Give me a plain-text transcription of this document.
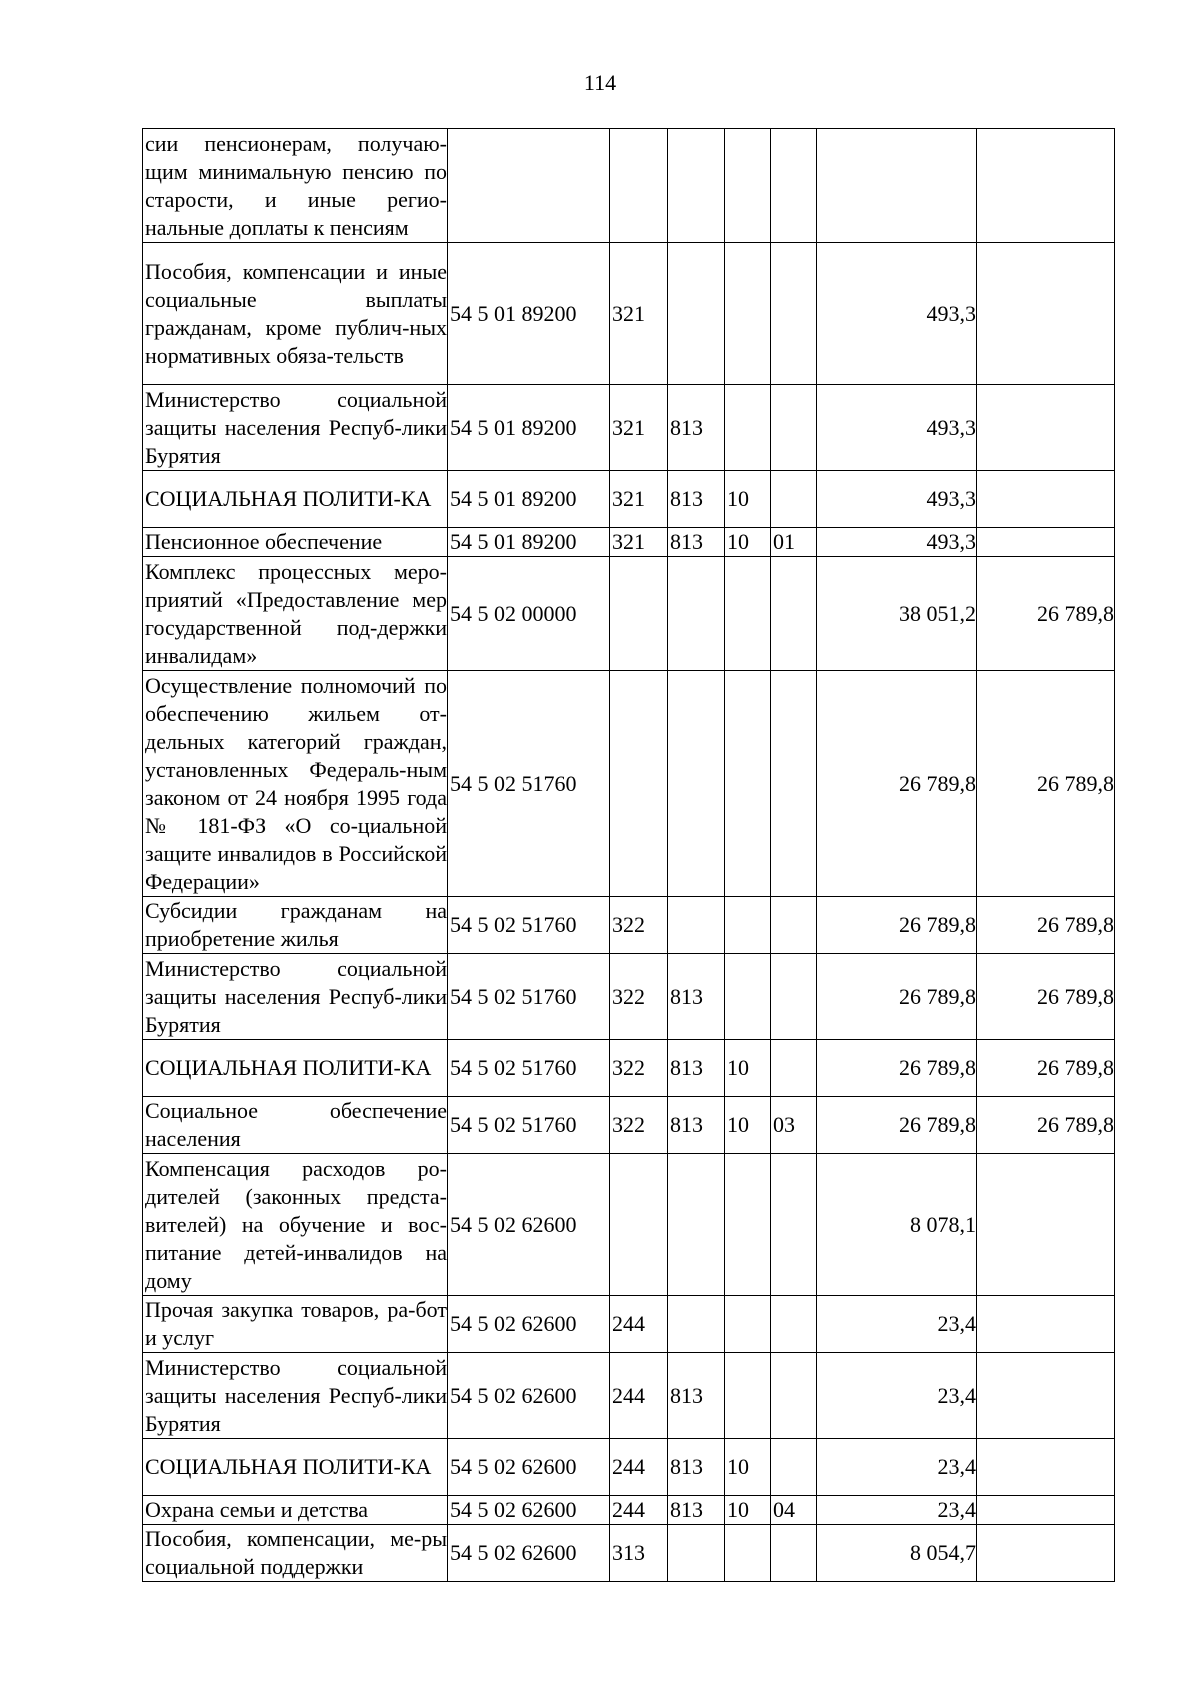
114
сии пенсионерам, получаю-щим минимальную пенсию по старости, и иные регио-нальные доплаты к пенсиям							
Пособия, компенсации и иные социальные выплаты гражданам, кроме публич-ных нормативных обяза-тельств	54 5 01 89200	321				493,3	
Министерство социальной защиты населения Респуб-лики Бурятия	54 5 01 89200	321	813			493,3	
СОЦИАЛЬНАЯ ПОЛИТИ-КА	54 5 01 89200	321	813	10		493,3	
Пенсионное обеспечение	54 5 01 89200	321	813	10	01	493,3	
Комплекс процессных меро-приятий «Предоставление мер государственной под-держки инвалидам»	54 5 02 00000					38 051,2	26 789,8
Осуществление полномочий по обеспечению жильем от-дельных категорий граждан, установленных Федераль-ным законом от 24 ноября 1995 года № 181-ФЗ «О со-циальной защите инвалидов в Российской Федерации»	54 5 02 51760					26 789,8	26 789,8
Субсидии гражданам на приобретение жилья	54 5 02 51760	322				26 789,8	26 789,8
Министерство социальной защиты населения Респуб-лики Бурятия	54 5 02 51760	322	813			26 789,8	26 789,8
СОЦИАЛЬНАЯ ПОЛИТИ-КА	54 5 02 51760	322	813	10		26 789,8	26 789,8
Социальное обеспечение населения	54 5 02 51760	322	813	10	03	26 789,8	26 789,8
Компенсация расходов ро-дителей (законных предста-вителей) на обучение и вос-питание детей-инвалидов на дому	54 5 02 62600					8 078,1	
Прочая закупка товаров, ра-бот и услуг	54 5 02 62600	244				23,4	
Министерство социальной защиты населения Респуб-лики Бурятия	54 5 02 62600	244	813			23,4	
СОЦИАЛЬНАЯ ПОЛИТИ-КА	54 5 02 62600	244	813	10		23,4	
Охрана семьи и детства	54 5 02 62600	244	813	10	04	23,4	
Пособия, компенсации, ме-ры социальной поддержки	54 5 02 62600	313				8 054,7	
